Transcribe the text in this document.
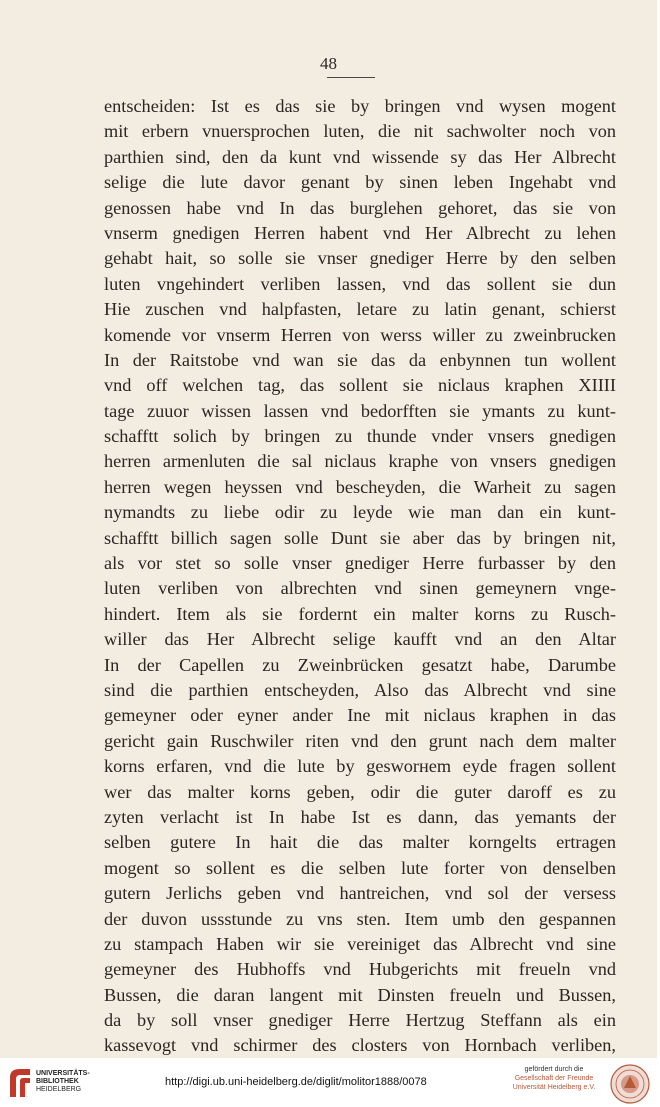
48
entscheiden: Ist es das sie by bringen vnd wysen mogent
mit erbern vnuersprochen luten, die nit sachwolter noch von
parthien sind, den da kunt vnd wissende sy das Her Albrecht
selige die lute davor genant by sinen leben Ingehabt vnd
genossen habe vnd In das burglehen gehoret, das sie von
vnserm gnedigen Herren habent vnd Her Albrecht zu lehen
gehabt hait, so solle sie vnser gnediger Herre by den selben
luten vngehindert verliben lassen, vnd das sollent sie dun
Hie zuschen vnd halpfasten, letare zu latin genant, schierst
komende vor vnserm Herren von werss willer zu zweinbrucken
In der Raitstobe vnd wan sie das da enbynnen tun wollent
vnd off welchen tag, das sollent sie niclaus kraphen XIIII
tage zuuor wissen lassen vnd bedorfften sie ymants zu kunt-
schafftt solich by bringen zu thunde vnder vnsers gnedigen
herren armenluten die sal niclaus kraphe von vnsers gnedigen
herren wegen heyssen vnd bescheyden, die Warheit zu sagen
nymandts zu liebe odir zu leyde wie man dan ein kunt-
schafftt billich sagen solle Dunt sie aber das by bringen nit,
als vor stet so solle vnser gnediger Herre furbasser by den
luten verliben von albrechten vnd sinen gemeynern vnge-
hindert. Item als sie fordernt ein malter korns zu Rusch-
willer das Her Albrecht selige kaufft vnd an den Altar
In der Capellen zu Zweinbrücken gesatzt habe, Darumbe
sind die parthien entscheyden, Also das Albrecht vnd sine
gemeyner oder eyner ander Ine mit niclaus kraphen in das
gericht gain Ruschwiler riten vnd den grunt nach dem malter
korns erfaren, vnd die lute by gesworнem eyde fragen sollent
wer das malter korns geben, odir die guter daroff es zu
zyten verlacht ist In habe Ist es dann, das yemants der
selben gutere In hait die das malter korngelts ertragen
mogent so sollent es die selben lute forter von denselben
gutern Jerlichs geben vnd hantreichen, vnd sol der versess
der duvon ussstunde zu vns sten. Item umb den gespannen
zu stampach Haben wir sie vereiniget das Albrecht vnd sine
gemeyner des Hubhoffs vnd Hubgerichts mit freueln vnd
Bussen, die daran langent mit Dinsten freueln und Bussen,
da by soll vnser gnediger Herre Hertzug Steffann als ein
kassevogt vnd schirmer des closters von Hornbach verliben,
UNIVERSITÄTS-
BIBLIOTHEK
HEIDELBERG
http://digi.ub.uni-heidelberg.de/diglit/molitor1888/0078
gefördert durch die
Gesellschaft der Freunde
Universität Heidelberg e.V.
